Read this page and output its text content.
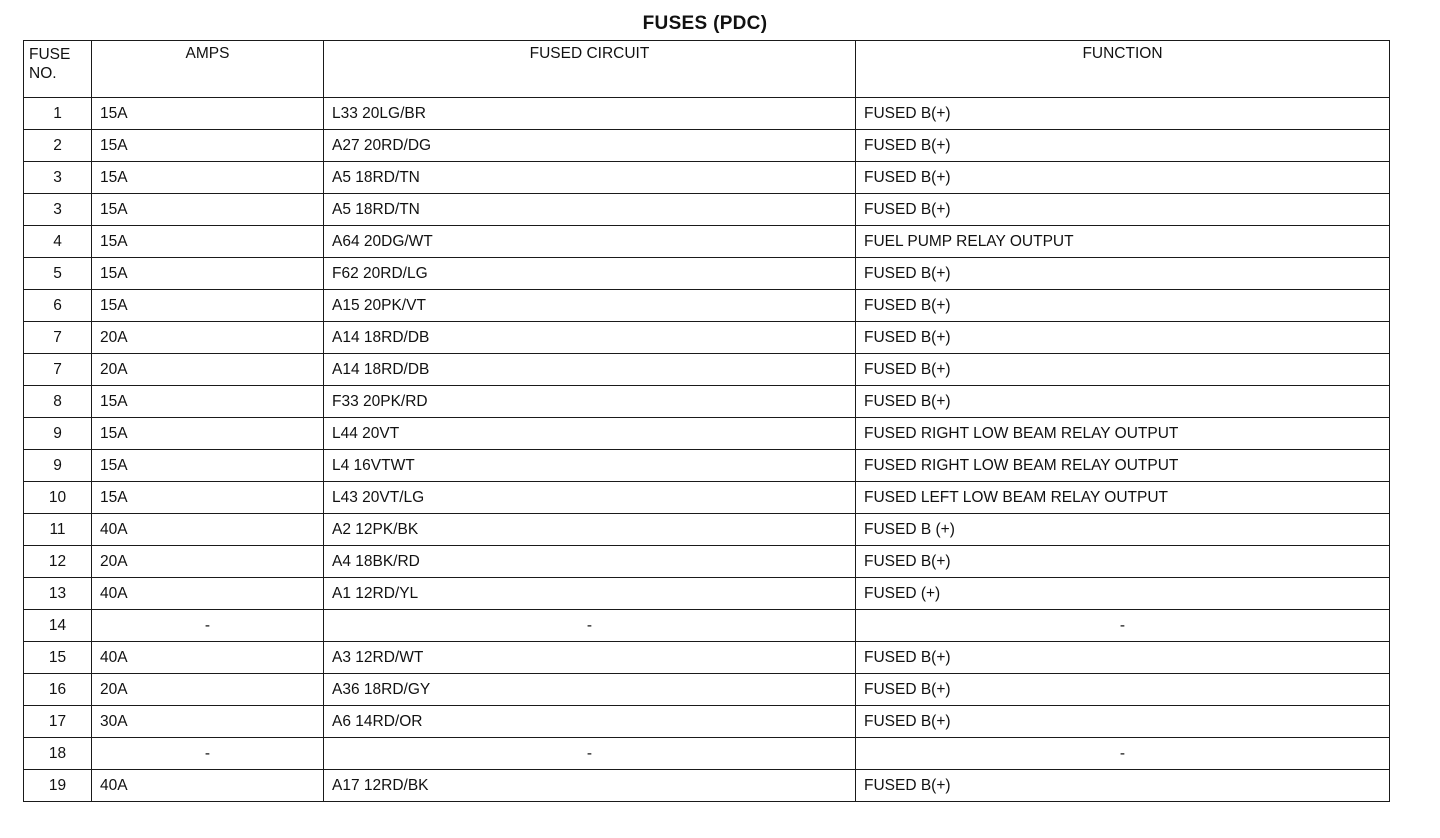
FUSES (PDC)
FUSE NO.	AMPS	FUSED CIRCUIT	FUNCTION
1	15A	L33 20LG/BR	FUSED B(+)
2	15A	A27 20RD/DG	FUSED B(+)
3	15A	A5 18RD/TN	FUSED B(+)
3	15A	A5 18RD/TN	FUSED B(+)
4	15A	A64 20DG/WT	FUEL PUMP RELAY OUTPUT
5	15A	F62 20RD/LG	FUSED B(+)
6	15A	A15 20PK/VT	FUSED B(+)
7	20A	A14 18RD/DB	FUSED B(+)
7	20A	A14 18RD/DB	FUSED B(+)
8	15A	F33 20PK/RD	FUSED B(+)
9	15A	L44 20VT	FUSED RIGHT LOW BEAM RELAY OUTPUT
9	15A	L4 16VTWT	FUSED RIGHT LOW BEAM RELAY OUTPUT
10	15A	L43 20VT/LG	FUSED LEFT LOW BEAM RELAY OUTPUT
11	40A	A2 12PK/BK	FUSED B (+)
12	20A	A4 18BK/RD	FUSED B(+)
13	40A	A1 12RD/YL	FUSED (+)
14	-	-	-
15	40A	A3 12RD/WT	FUSED B(+)
16	20A	A36 18RD/GY	FUSED B(+)
17	30A	A6 14RD/OR	FUSED B(+)
18	-	-	-
19	40A	A17 12RD/BK	FUSED B(+)
